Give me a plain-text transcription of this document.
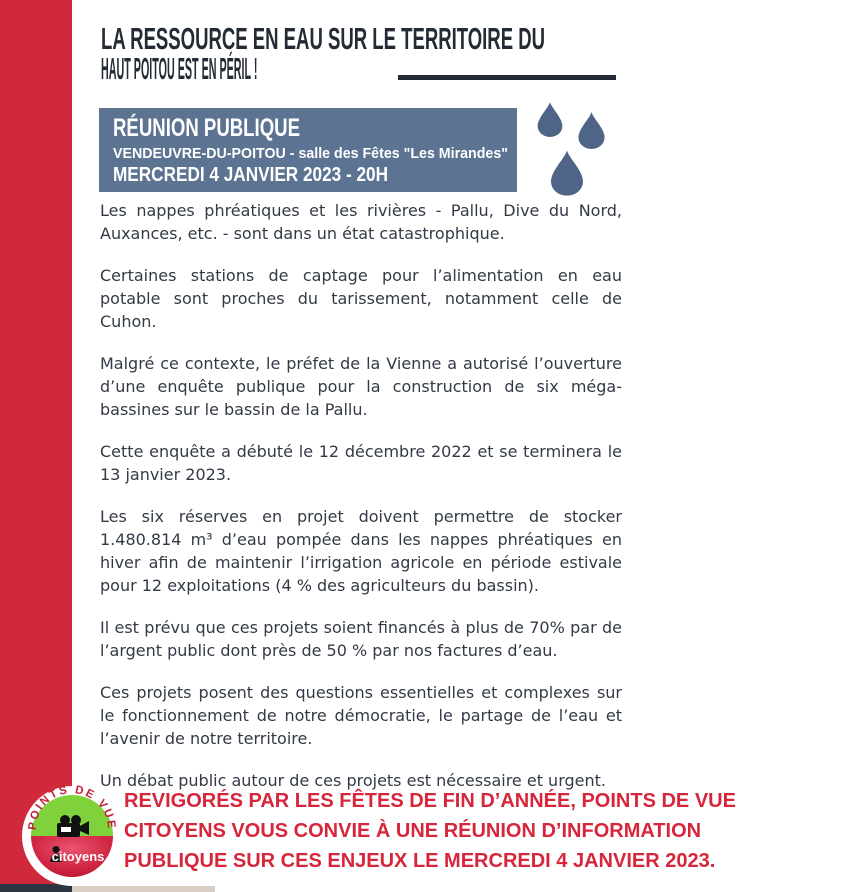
LA RESSOURCE EN EAU SUR LE TERRITOIRE DU
HAUT POITOU EST EN PÉRIL !
RÉUNION PUBLIQUE
VENDEUVRE-DU-POITOU - salle des Fêtes "Les Mirandes"
MERCREDI 4 JANVIER 2023 - 20H

Les nappes phréatiques et les rivières - Pallu, Dive du Nord, Auxances, etc. - sont dans un état catastrophique.

Certaines stations de captage pour l’alimentation en eau potable sont proches du tarissement, notamment celle de Cuhon.

Malgré ce contexte, le préfet de la Vienne a autorisé l’ouverture d’une enquête publique pour la construction de six méga-bassines sur le bassin de la Pallu.

Cette enquête a débuté le 12 décembre 2022 et se terminera le 13 janvier 2023.

Les six réserves en projet doivent permettre de stocker 1.480.814 m³ d’eau pompée dans les nappes phréatiques en hiver afin de maintenir l’irrigation agricole en période estivale pour 12 exploitations (4 % des agriculteurs du bassin).

Il est prévu que ces projets soient financés à plus de 70% par de l’argent public dont près de 50 % par nos factures d’eau.

Ces projets posent des questions essentielles et complexes sur le fonctionnement de notre démocratie, le partage de l’eau et l’avenir de notre territoire.

Un débat public autour de ces projets est nécessaire et urgent.

REVIGORÉS PAR LES FÊTES DE FIN D’ANNÉE, POINTS DE VUE
CITOYENS VOUS CONVIE À UNE RÉUNION D’INFORMATION
PUBLIQUE SUR CES ENJEUX LE MERCREDI 4 JANVIER 2023.
POINTS DE VUE
citoyens
